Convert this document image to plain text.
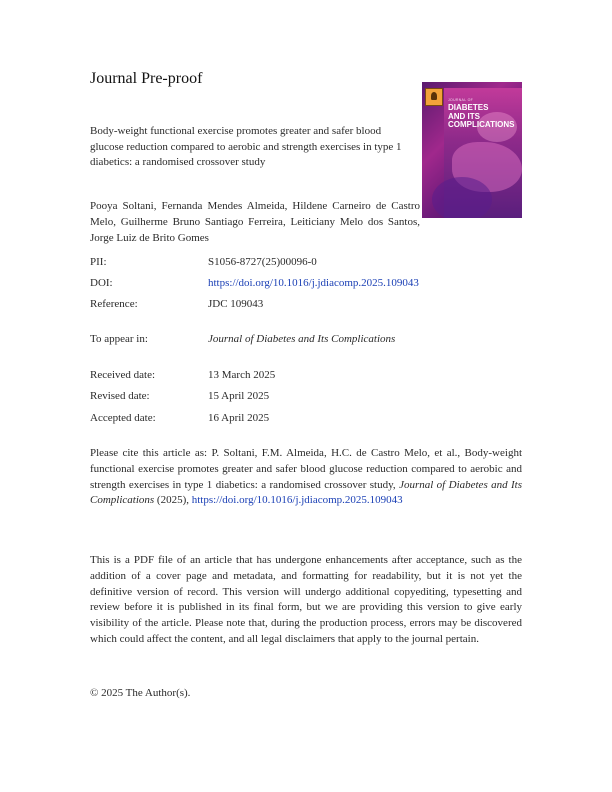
Journal Pre-proof
Body-weight functional exercise promotes greater and safer blood glucose reduction compared to aerobic and strength exercises in type 1 diabetics: a randomised crossover study
JOURNAL OF
DIABETES
AND ITS
COMPLICATIONS
Pooya Soltani, Fernanda Mendes Almeida, Hildene Carneiro de Castro Melo, Guilherme Bruno Santiago Ferreira, Leiticiany Melo dos Santos, Jorge Luiz de Brito Gomes
PII:	S1056-8727(25)00096-0
DOI:	https://doi.org/10.1016/j.jdiacomp.2025.109043
Reference:	JDC 109043
To appear in:	Journal of Diabetes and Its Complications
Received date:	13 March 2025
Revised date:	15 April 2025
Accepted date:	16 April 2025
Please cite this article as: P. Soltani, F.M. Almeida, H.C. de Castro Melo, et al., Body-weight functional exercise promotes greater and safer blood glucose reduction compared to aerobic and strength exercises in type 1 diabetics: a randomised crossover study, Journal of Diabetes and Its Complications (2025), https://doi.org/10.1016/j.jdiacomp.2025.109043
This is a PDF file of an article that has undergone enhancements after acceptance, such as the addition of a cover page and metadata, and formatting for readability, but it is not yet the definitive version of record. This version will undergo additional copyediting, typesetting and review before it is published in its final form, but we are providing this version to give early visibility of the article. Please note that, during the production process, errors may be discovered which could affect the content, and all legal disclaimers that apply to the journal pertain.
© 2025 The Author(s).
